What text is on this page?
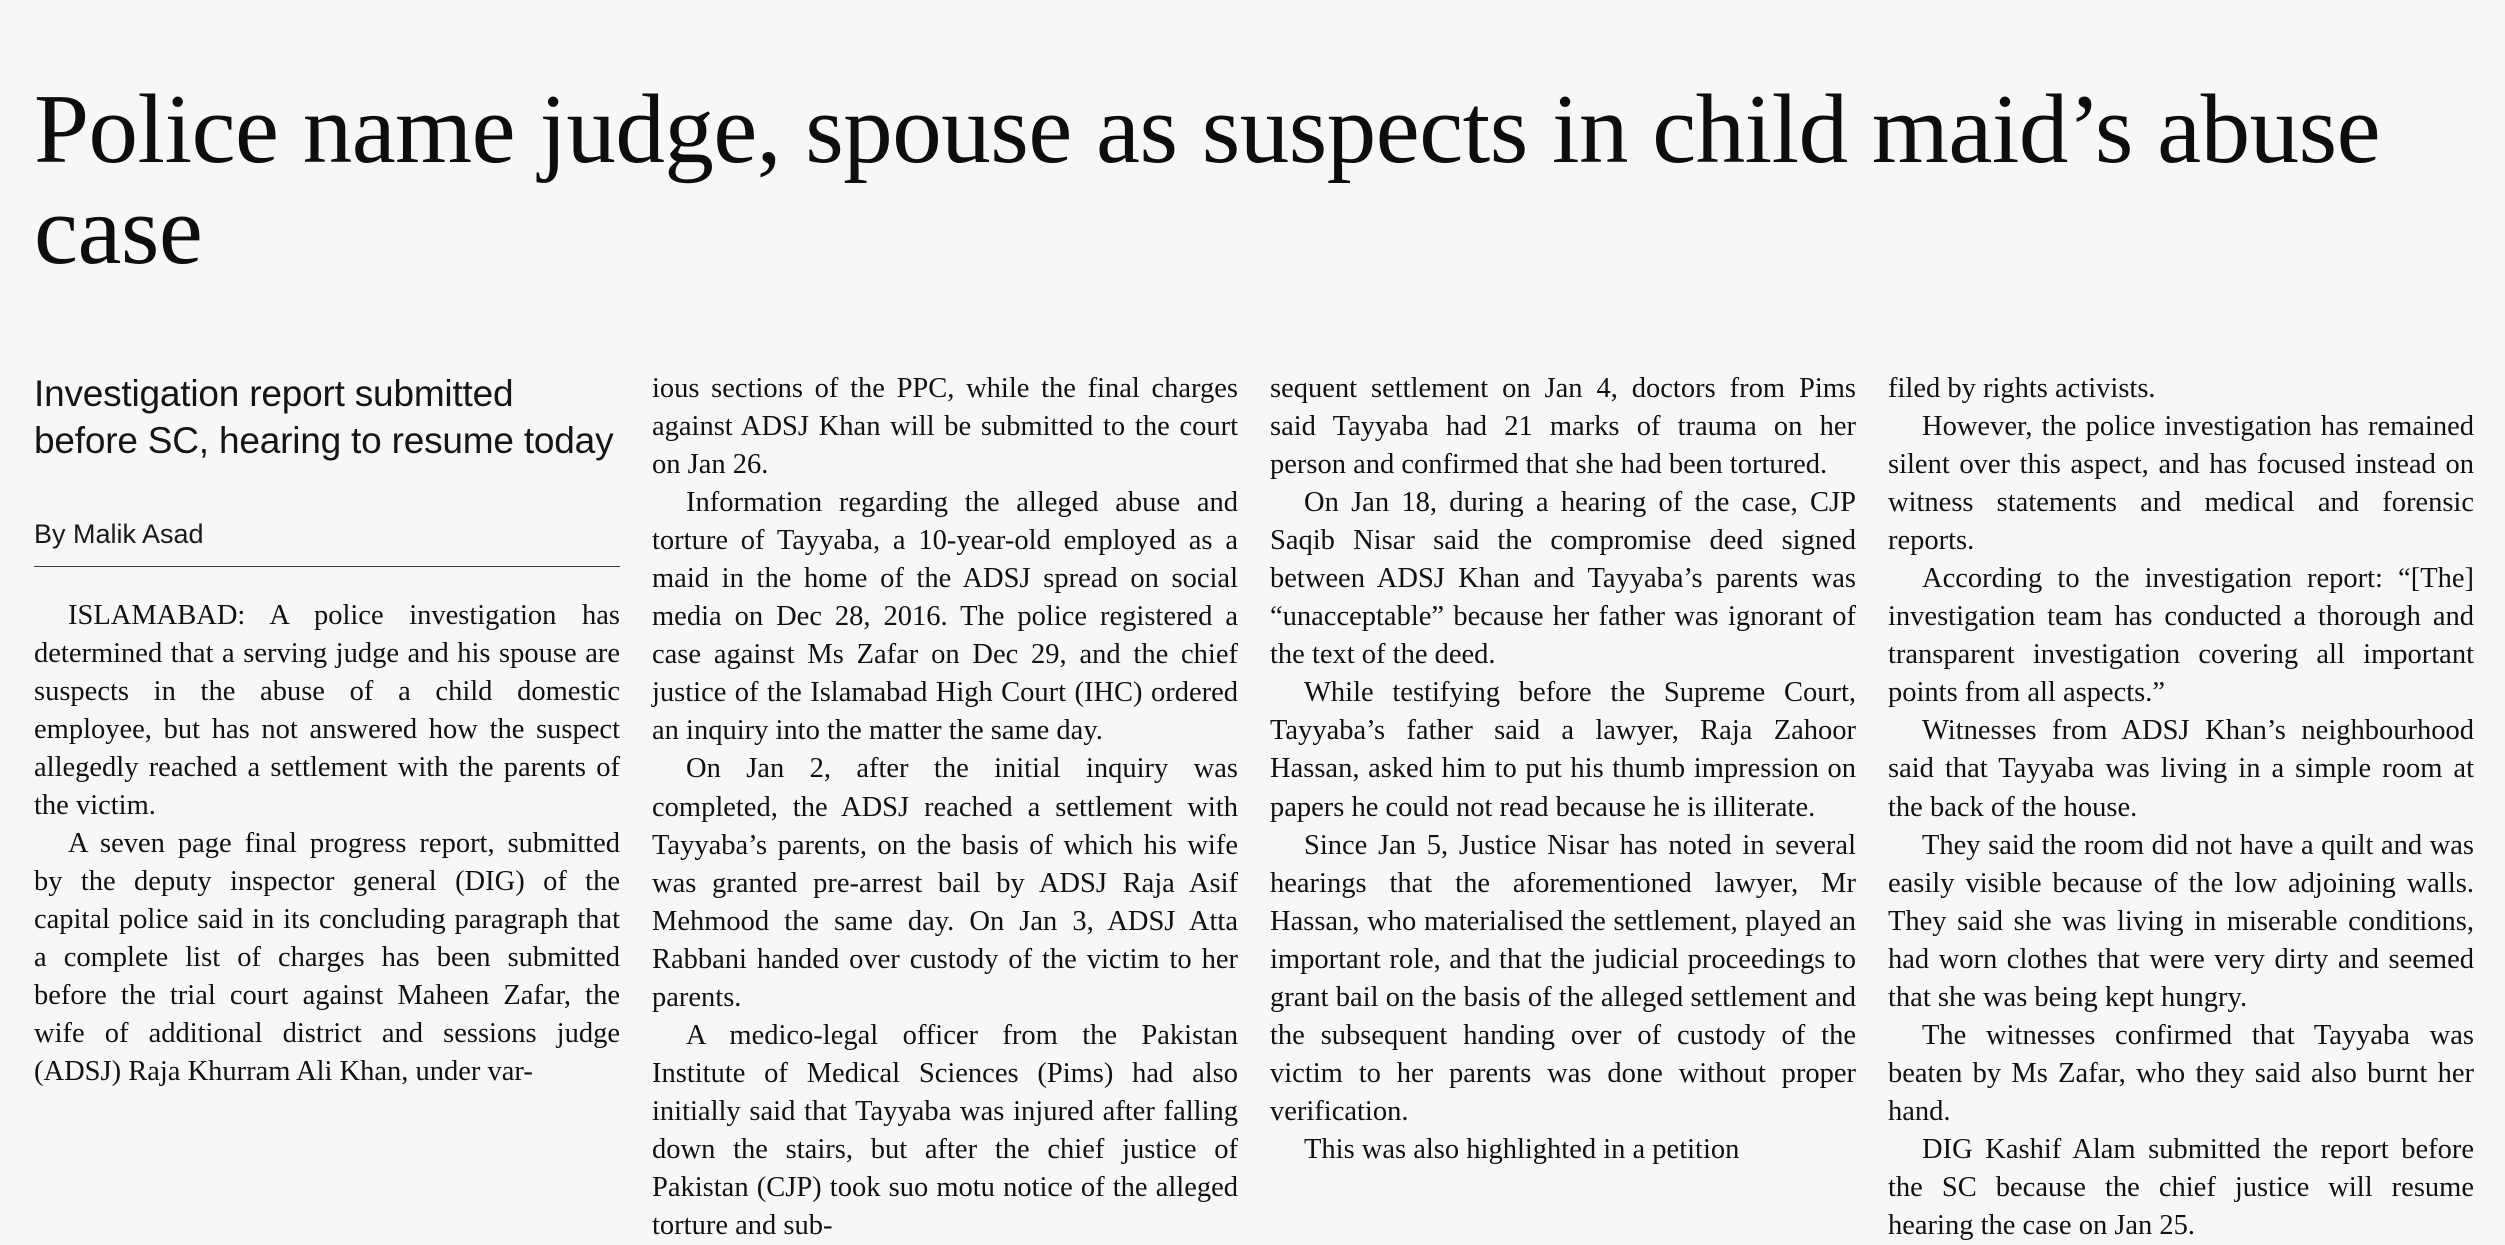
Police name judge, spouse as suspects in child maid’s abuse case
Investigation report submitted before SC, hearing to resume today
By Malik Asad

ISLAMABAD: A police investigation has determined that a serving judge and his spouse are suspects in the abuse of a child domestic employee, but has not answered how the suspect allegedly reached a settlement with the parents of the victim.

A seven page final progress report, submitted by the deputy inspector general (DIG) of the capital police said in its concluding paragraph that a complete list of charges has been submitted before the trial court against Maheen Zafar, the wife of additional district and sessions judge (ADSJ) Raja Khurram Ali Khan, under var-

ious sections of the PPC, while the final charges against ADSJ Khan will be submitted to the court on Jan 26.

Information regarding the alleged abuse and torture of Tayyaba, a 10-year-old employed as a maid in the home of the ADSJ spread on social media on Dec 28, 2016. The police registered a case against Ms Zafar on Dec 29, and the chief justice of the Islamabad High Court (IHC) ordered an inquiry into the matter the same day.

On Jan 2, after the initial inquiry was completed, the ADSJ reached a settlement with Tayyaba’s parents, on the basis of which his wife was granted pre-arrest bail by ADSJ Raja Asif Mehmood the same day. On Jan 3, ADSJ Atta Rabbani handed over custody of the victim to her parents.

A medico-legal officer from the Pakistan Institute of Medical Sciences (Pims) had also initially said that Tayyaba was injured after falling down the stairs, but after the chief justice of Pakistan (CJP) took suo motu notice of the alleged torture and sub-

sequent settlement on Jan 4, doctors from Pims said Tayyaba had 21 marks of trauma on her person and confirmed that she had been tortured.

On Jan 18, during a hearing of the case, CJP Saqib Nisar said the compromise deed signed between ADSJ Khan and Tayyaba’s parents was “unacceptable” because her father was ignorant of the text of the deed.

While testifying before the Supreme Court, Tayyaba’s father said a lawyer, Raja Zahoor Hassan, asked him to put his thumb impression on papers he could not read because he is illiterate.

Since Jan 5, Justice Nisar has noted in several hearings that the aforementioned lawyer, Mr Hassan, who materialised the settlement, played an important role, and that the judicial proceedings to grant bail on the basis of the alleged settlement and the subsequent handing over of custody of the victim to her parents was done without proper verification.

This was also highlighted in a petition

filed by rights activists.

However, the police investigation has remained silent over this aspect, and has focused instead on witness statements and medical and forensic reports.

According to the investigation report: “[The] investigation team has conducted a thorough and transparent investigation covering all important points from all aspects.”

Witnesses from ADSJ Khan’s neighbourhood said that Tayyaba was living in a simple room at the back of the house.

They said the room did not have a quilt and was easily visible because of the low adjoining walls. They said she was living in miserable conditions, had worn clothes that were very dirty and seemed that she was being kept hungry.

The witnesses confirmed that Tayyaba was beaten by Ms Zafar, who they said also burnt her hand.

DIG Kashif Alam submitted the report before the SC because the chief justice will resume hearing the case on Jan 25.
